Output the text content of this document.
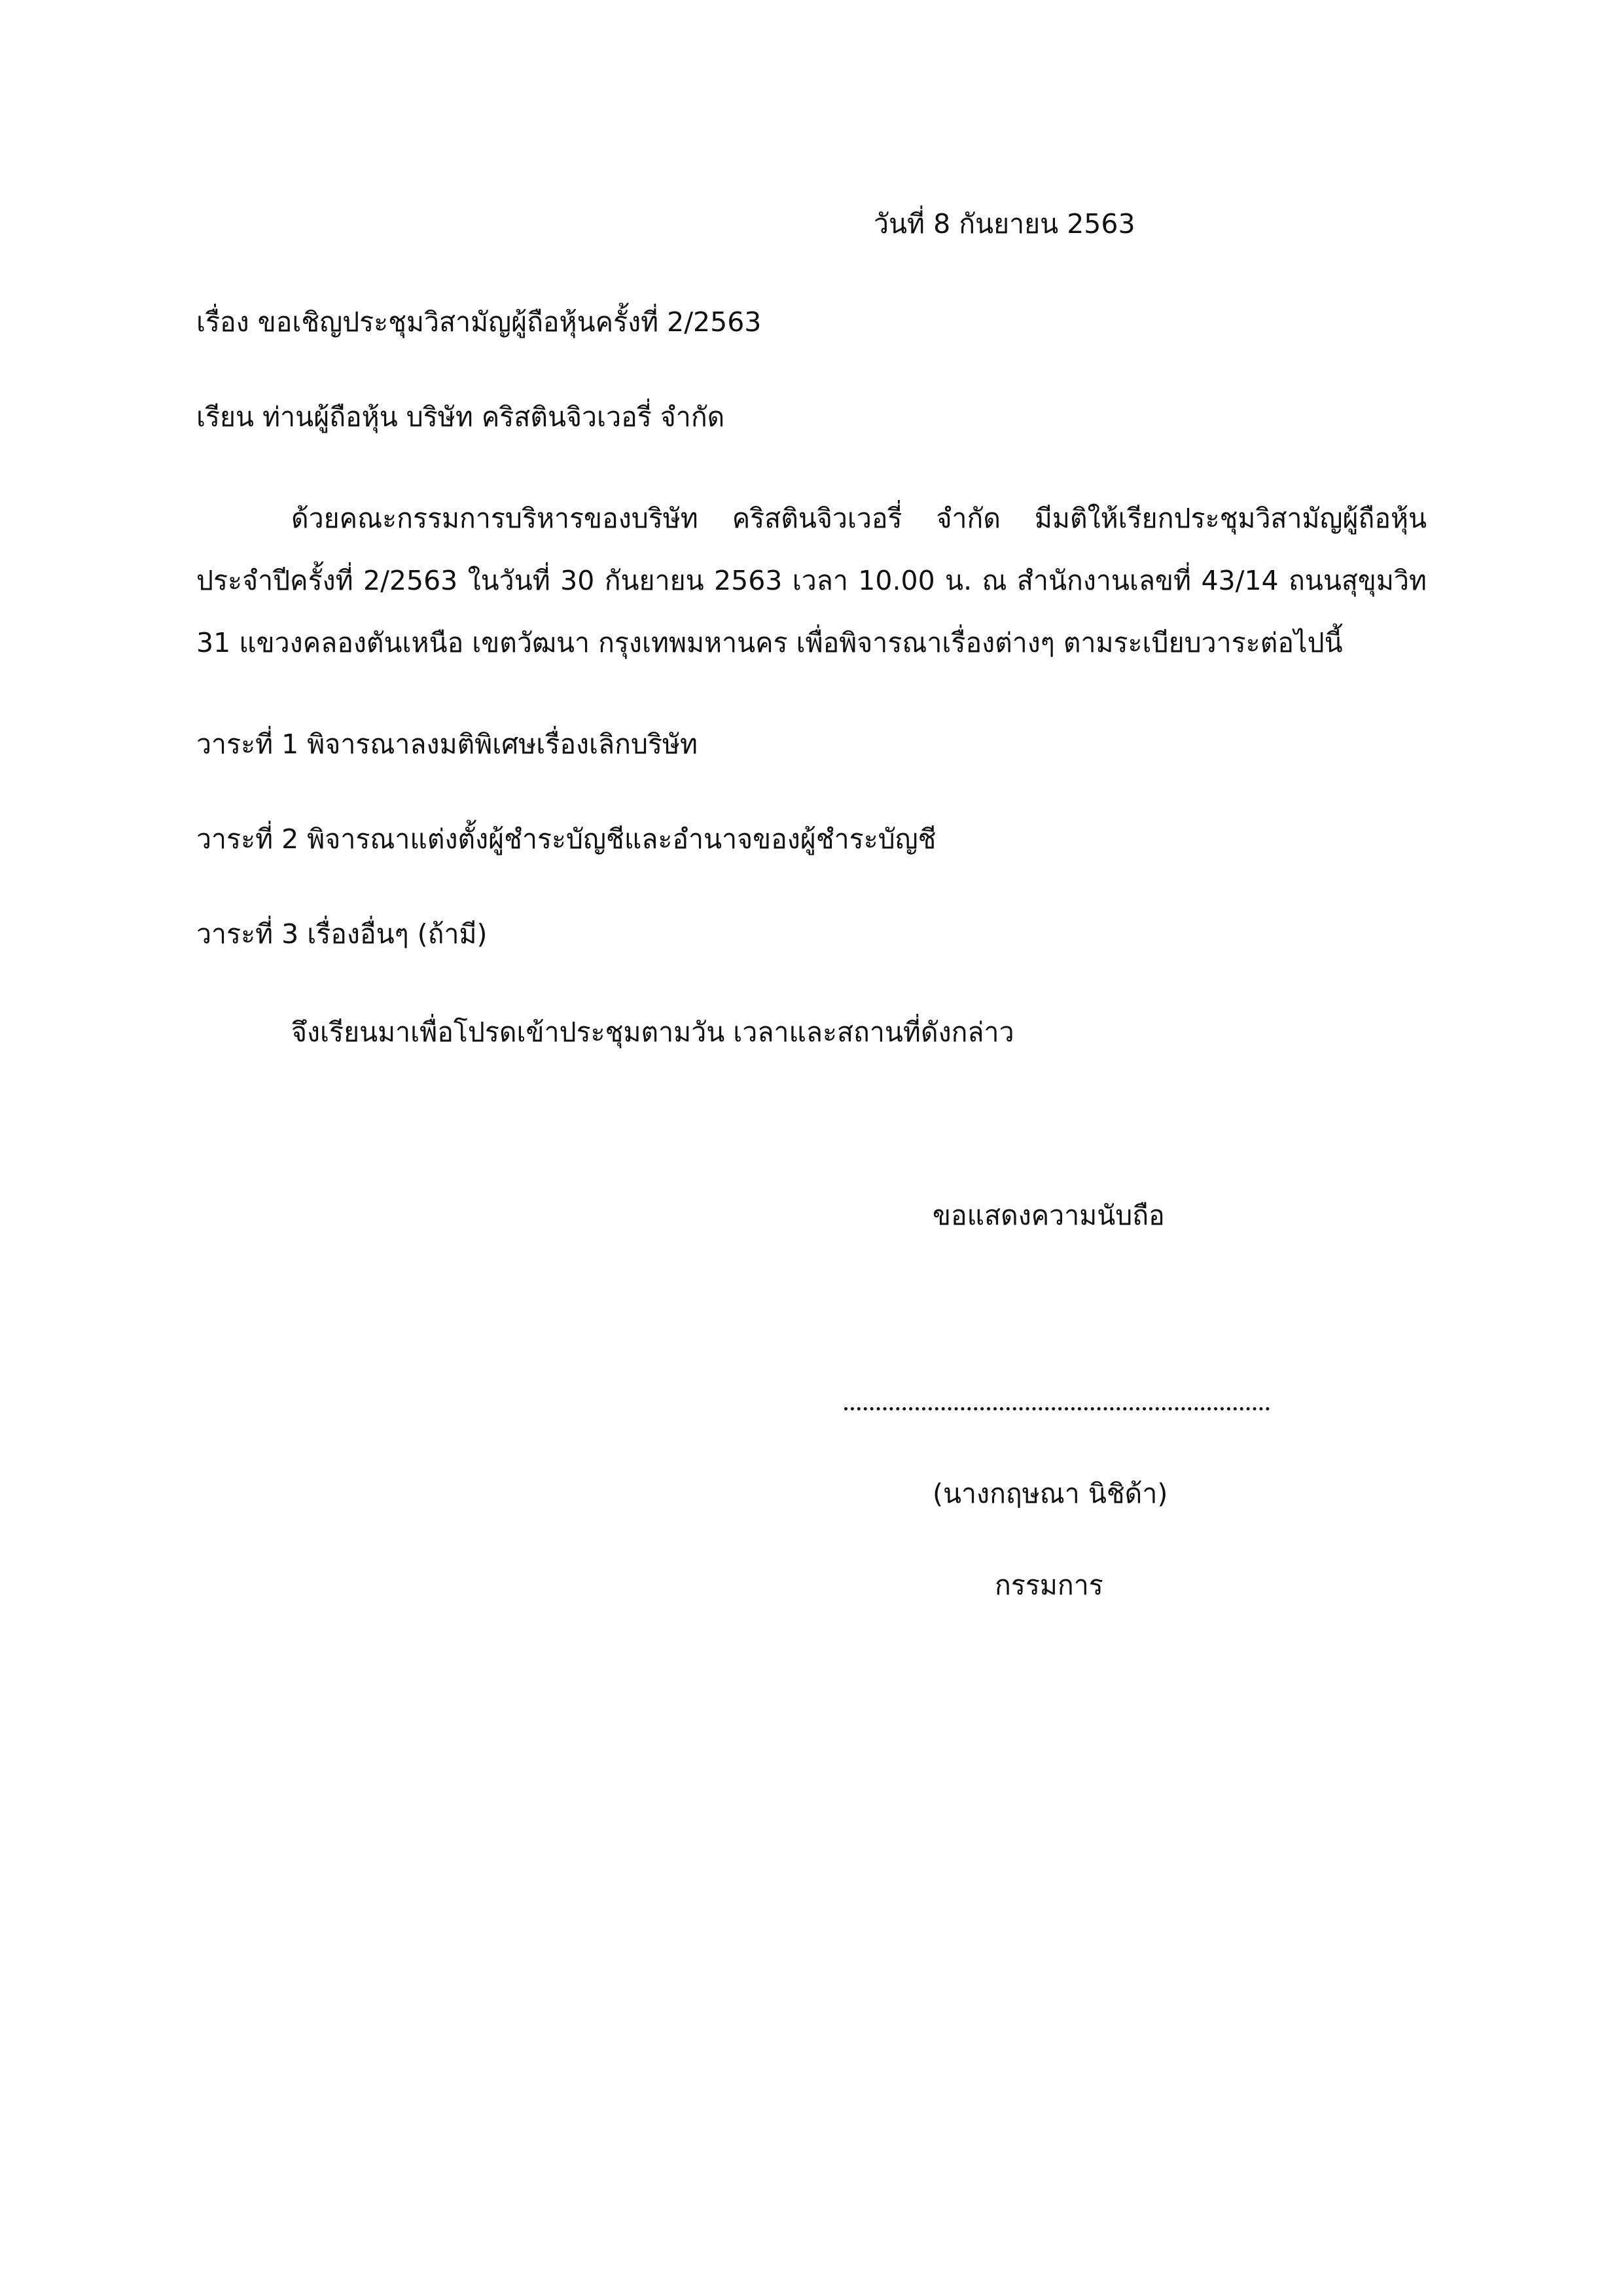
วันที่ 8 กันยายน 2563
เรื่อง ขอเชิญประชุมวิสามัญผู้ถือหุ้นครั้งที่ 2/2563
เรียน ท่านผู้ถือหุ้น บริษัท คริสตินจิวเวอรี่ จำกัด
ด้วยคณะกรรมการบริหารของบริษัท คริสตินจิวเวอรี่ จำกัด มีมติให้เรียกประชุมวิสามัญผู้ถือหุ้น
ประจำปีครั้งที่ 2/2563 ในวันที่ 30 กันยายน 2563 เวลา 10.00 น. ณ สำนักงานเลขที่ 43/14 ถนนสุขุมวิท
31 แขวงคลองตันเหนือ เขตวัฒนา กรุงเทพมหานคร เพื่อพิจารณาเรื่องต่างๆ ตามระเบียบวาระต่อไปนี้
วาระที่ 1 พิจารณาลงมติพิเศษเรื่องเลิกบริษัท
วาระที่ 2 พิจารณาแต่งตั้งผู้ชำระบัญชีและอำนาจของผู้ชำระบัญชี
วาระที่ 3 เรื่องอื่นๆ (ถ้ามี)
จึงเรียนมาเพื่อโปรดเข้าประชุมตามวัน เวลาและสถานที่ดังกล่าว
ขอแสดงความนับถือ
(นางกฤษณา นิชิด้า)
กรรมการ
